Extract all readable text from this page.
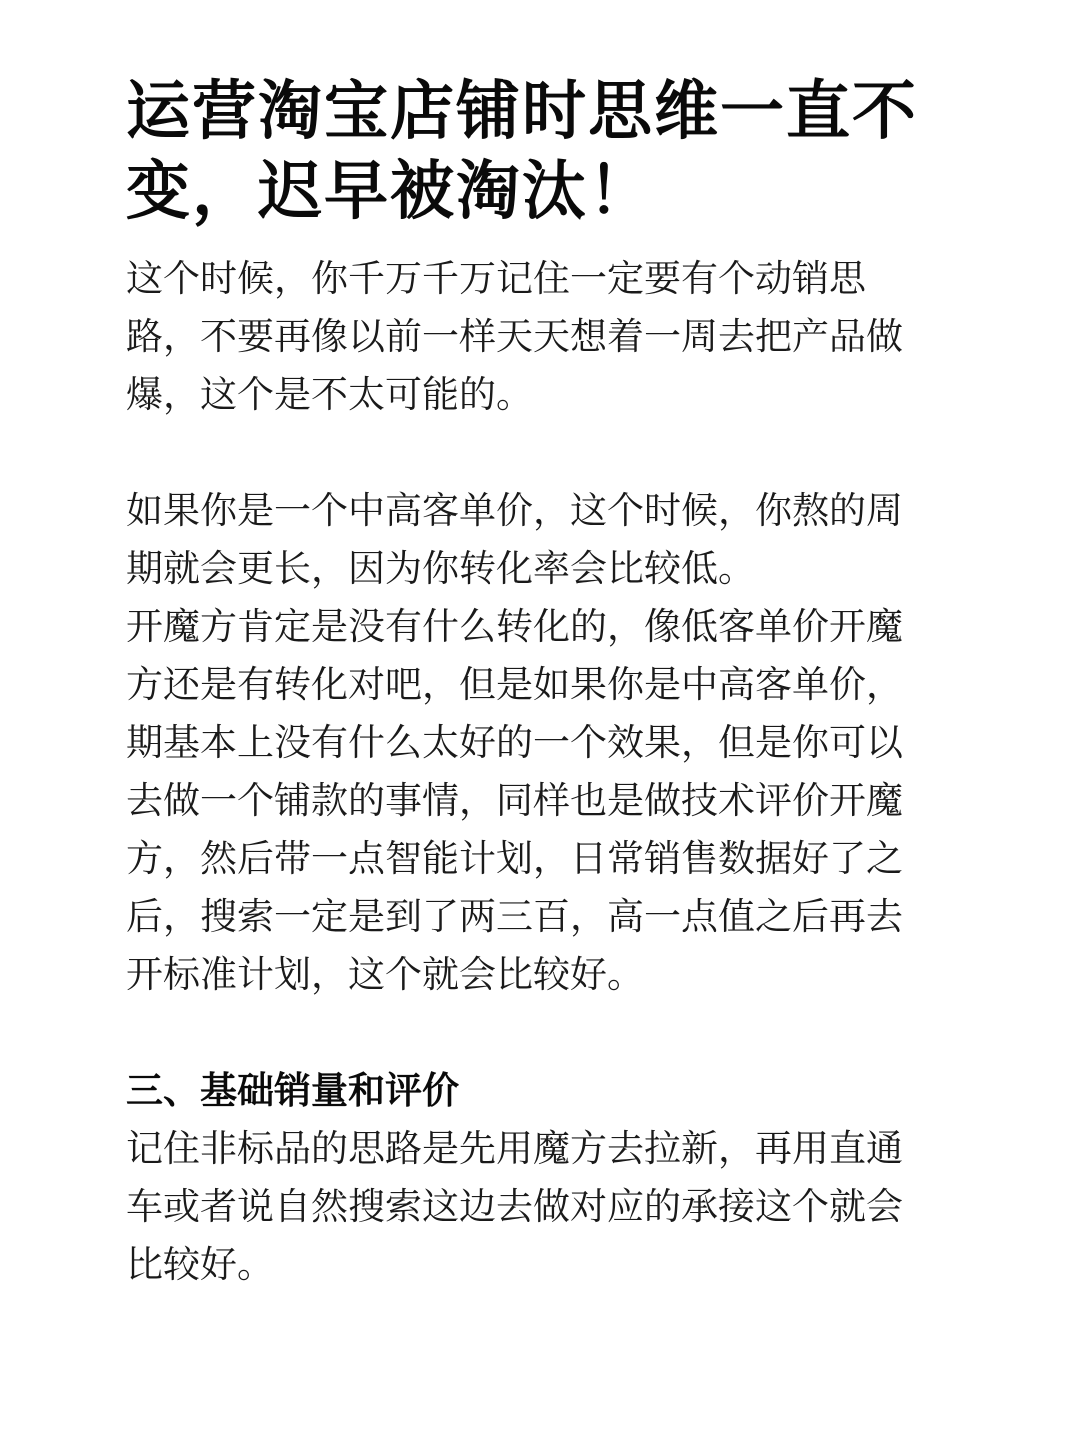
运营淘宝店铺时思维一直不
变，迟早被淘汰！
这个时候，你千万千万记住一定要有个动销思
路，不要再像以前一样天天想着一周去把产品做
爆，这个是不太可能的。
如果你是一个中高客单价，这个时候，你熬的周
期就会更长，因为你转化率会比较低。
开魔方肯定是没有什么转化的，像低客单价开魔
方还是有转化对吧，但是如果你是中高客单价，
期基本上没有什么太好的一个效果，但是你可以
去做一个铺款的事情，同样也是做技术评价开魔
方，然后带一点智能计划，日常销售数据好了之
后，搜索一定是到了两三百，高一点值之后再去
开标准计划，这个就会比较好。
三、基础销量和评价
记住非标品的思路是先用魔方去拉新，再用直通
车或者说自然搜索这边去做对应的承接这个就会
比较好。
